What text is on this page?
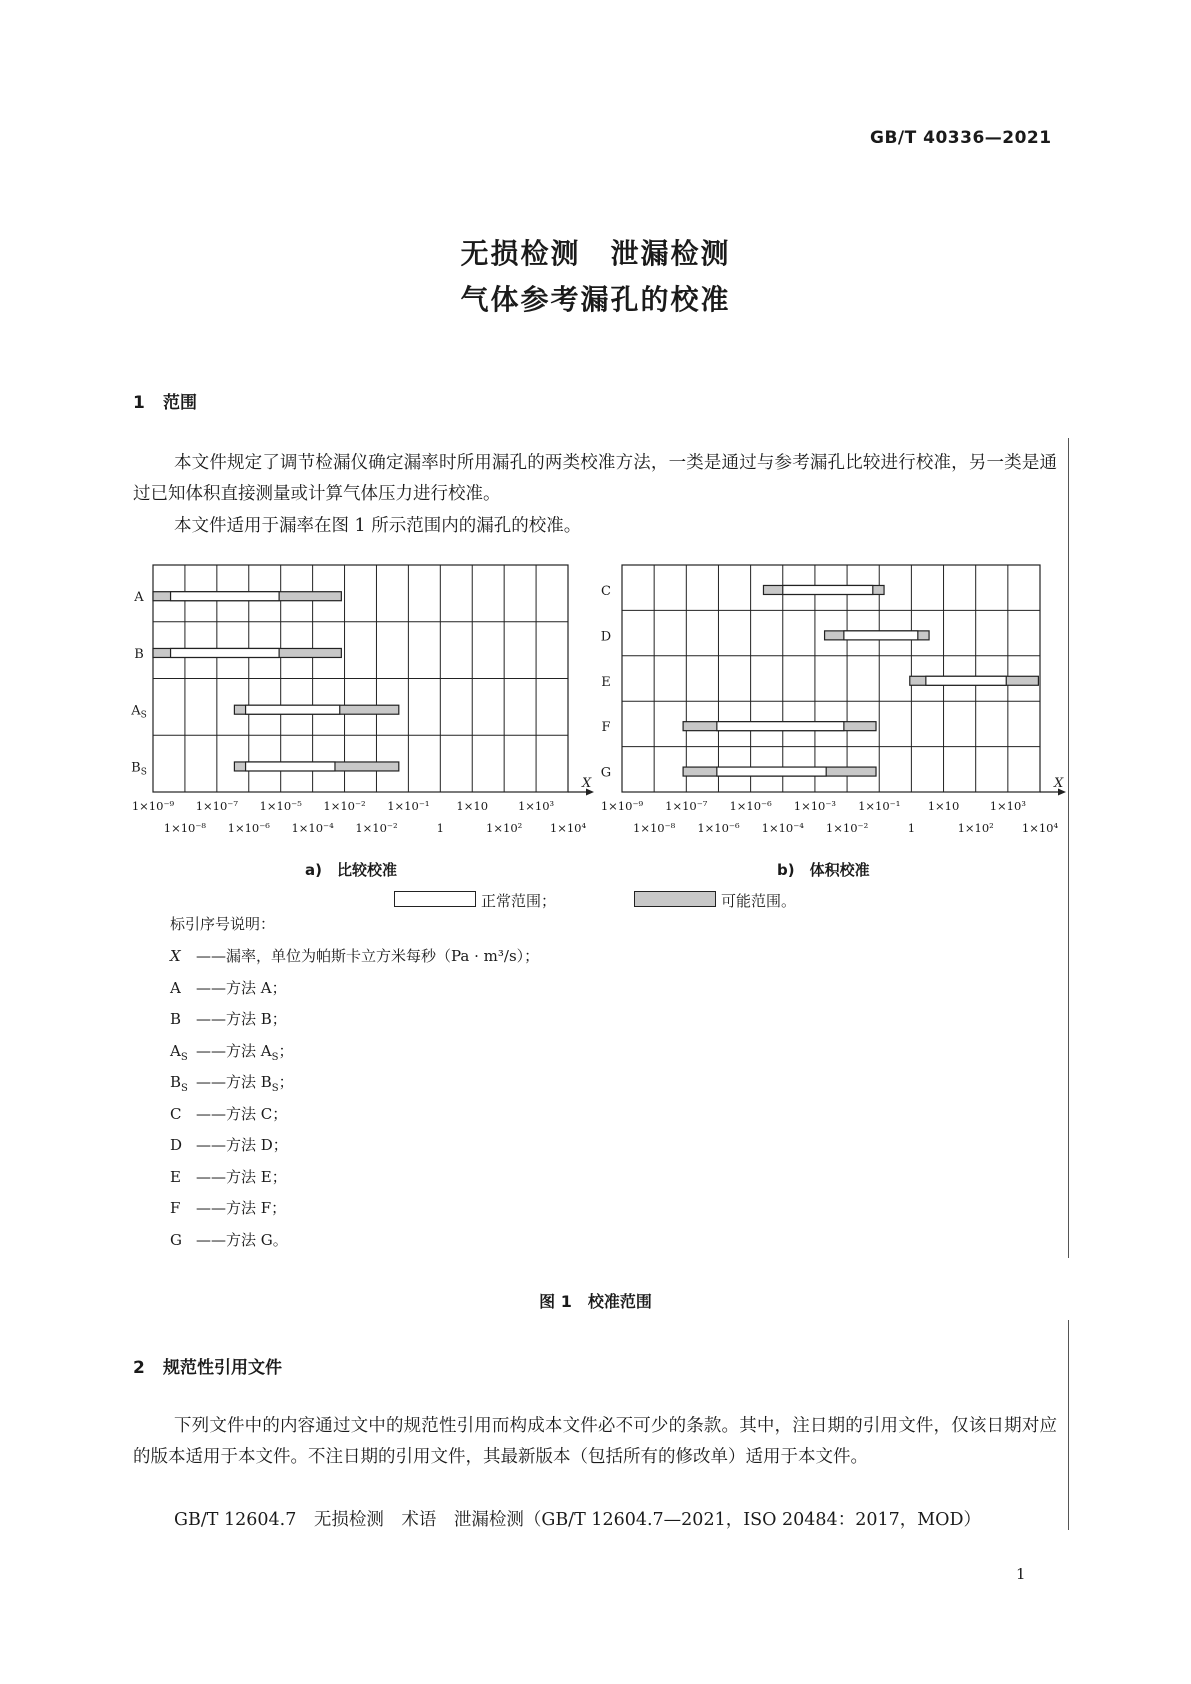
GB/T 40336—2021
无损检测　泄漏检测
气体参考漏孔的校准
1 范围
本文件规定了调节检漏仪确定漏率时所用漏孔的两类校准方法，一类是通过与参考漏孔比较进行校准，另一类是通过已知体积直接测量或计算气体压力进行校准。
本文件适用于漏率在图 1 所示范围内的漏孔的校准。
X
1×10⁻⁹ 1×10⁻⁷ 1×10⁻⁵ 1×10⁻² 1×10⁻¹ 1×10	1×10³
1×10⁻⁸ 1×10⁻⁶ 1×10⁻⁴ 1×10⁻²	1	1×10² 1×10⁴
A
B
$A_S$
$B_S$
X
1×10⁻⁹ 1×10⁻⁷ 1×10⁻⁶ 1×10⁻³ 1×10⁻¹ 1×10	1×10³
1×10⁻⁸ 1×10⁻⁶ 1×10⁻⁴ 1×10⁻²	1	1×10² 1×10⁴
C
D
E
F
G
a)　比较校准	b)　体积校准
正常范围；	可能范围。
标引序号说明：
X ——漏率，单位为帕斯卡立方米每秒（Pa · m³/s）；
A ——方法 A；
B ——方法 B；
$A_S$ ——方法 $A_S$；
$B_S$ ——方法 $B_S$；
C ——方法 C；
D ——方法 D；
E ——方法 E；
F ——方法 F；
G ——方法 G。
图 1　校准范围
2 规范性引用文件
下列文件中的内容通过文中的规范性引用而构成本文件必不可少的条款。其中，注日期的引用文件，仅该日期对应的版本适用于本文件。不注日期的引用文件，其最新版本（包括所有的修改单）适用于本文件。
GB/T 12604.7　无损检测　术语　泄漏检测（GB/T 12604.7—2021，ISO 20484：2017，MOD）
1
